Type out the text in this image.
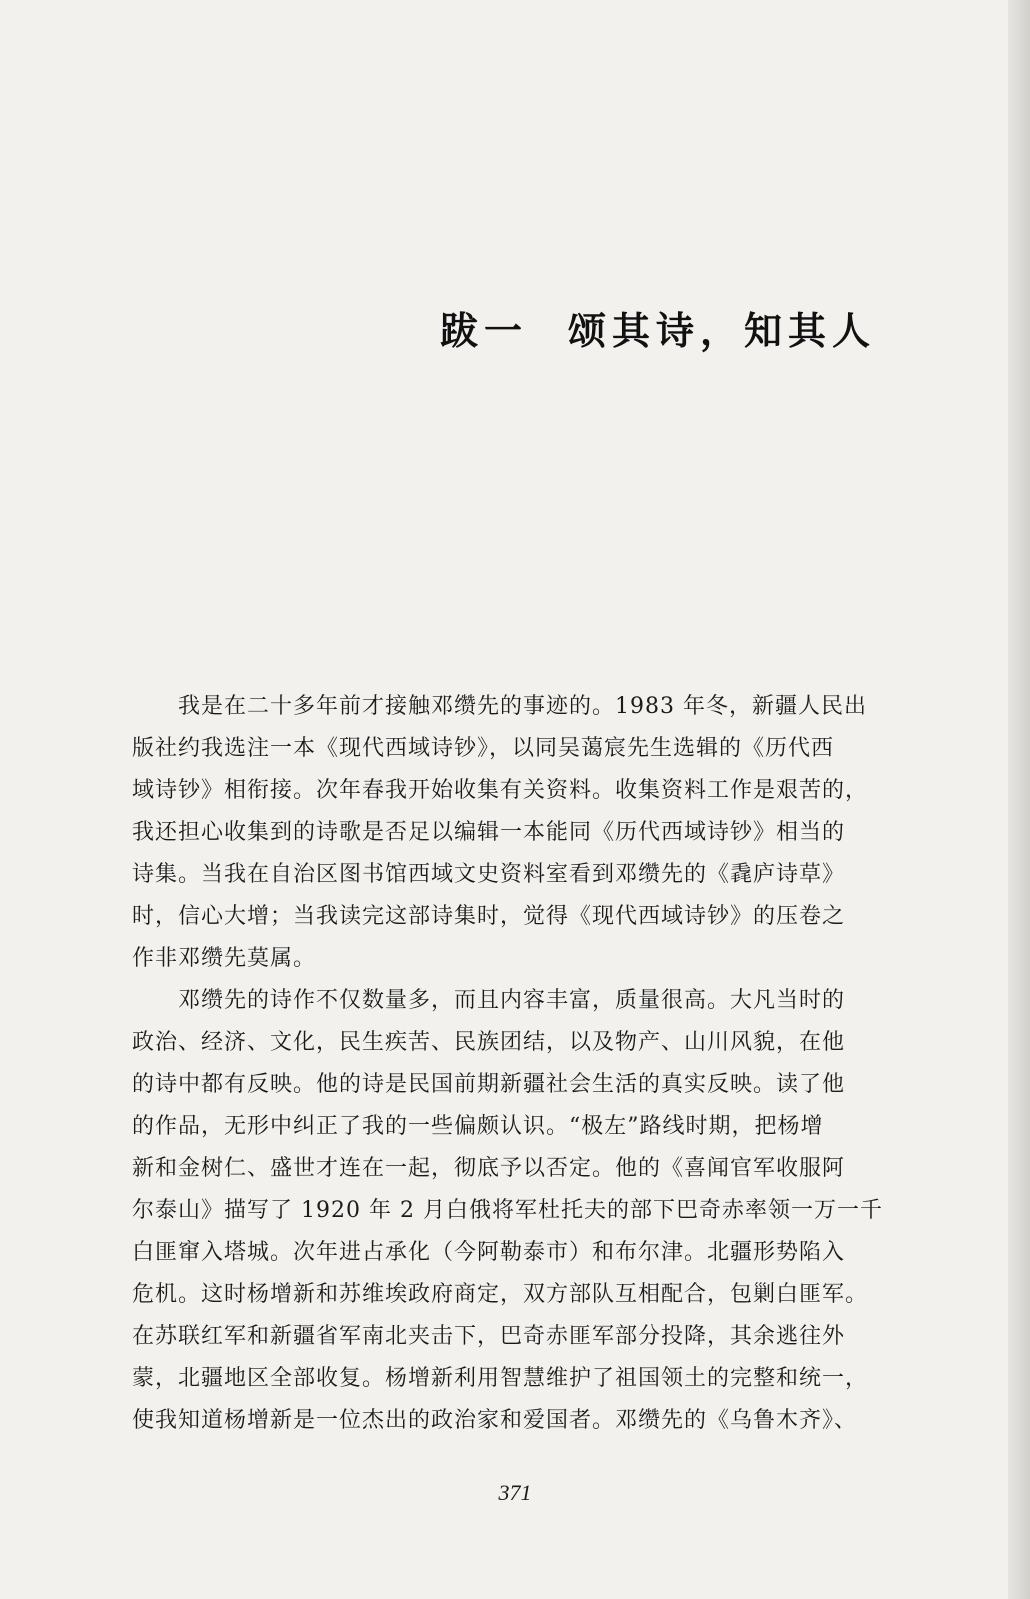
跋一 颂其诗，知其人
我是在二十多年前才接触邓缵先的事迹的。1983 年冬，新疆人民出
版社约我选注一本《现代西域诗钞》，以同吴蔼宸先生选辑的《历代西
域诗钞》相衔接。次年春我开始收集有关资料。收集资料工作是艰苦的，
我还担心收集到的诗歌是否足以编辑一本能同《历代西域诗钞》相当的
诗集。当我在自治区图书馆西域文史资料室看到邓缵先的《毳庐诗草》
时，信心大增；当我读完这部诗集时，觉得《现代西域诗钞》的压卷之
作非邓缵先莫属。
邓缵先的诗作不仅数量多，而且内容丰富，质量很高。大凡当时的
政治、经济、文化，民生疾苦、民族团结，以及物产、山川风貌，在他
的诗中都有反映。他的诗是民国前期新疆社会生活的真实反映。读了他
的作品，无形中纠正了我的一些偏颇认识。“极左”路线时期，把杨增
新和金树仁、盛世才连在一起，彻底予以否定。他的《喜闻官军收服阿
尔泰山》描写了 1920 年 2 月白俄将军杜托夫的部下巴奇赤率领一万一千
白匪窜入塔城。次年进占承化（今阿勒泰市）和布尔津。北疆形势陷入
危机。这时杨增新和苏维埃政府商定，双方部队互相配合，包剿白匪军。
在苏联红军和新疆省军南北夹击下，巴奇赤匪军部分投降，其余逃往外
蒙，北疆地区全部收复。杨增新利用智慧维护了祖国领土的完整和统一，
使我知道杨增新是一位杰出的政治家和爱国者。邓缵先的《乌鲁木齐》、
371
